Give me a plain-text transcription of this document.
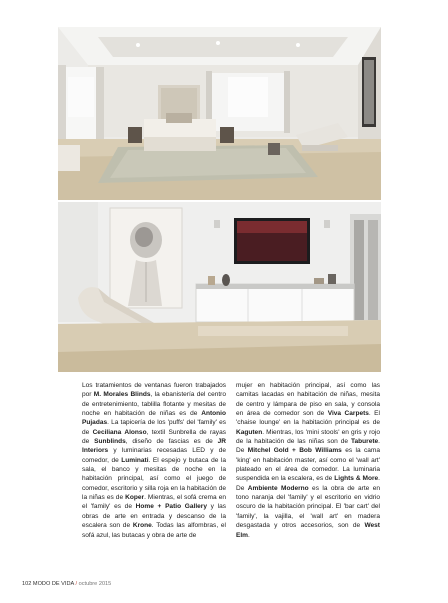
Los tratamientos de ventanas fueron trabajados por M. Morales Blinds, la ebanistería del centro de entretenimiento, tablilla flotante y mesitas de noche en habitación de niñas es de Antonio Pujadas. La tapicería de los 'puffs' del 'family' es de Ceciliana Alonso, textil Sunbrella de rayas de Sunblinds, diseño de fascias es de JR Interiors y luminarias recesadas LED y de comedor, de Luminati. El espejo y butaca de la sala, el banco y mesitas de noche en la habitación principal, así como el juego de comedor, escritorio y silla roja en la habitación de la niñas es de Koper. Mientras, el sofá crema en el 'family' es de Home + Patio Gallery y las obras de arte en entrada y descanso de la escalera son de Krone. Todas las alfombras, el sofá azul, las butacas y obra de arte de
mujer en habitación principal, así como las camitas lacadas en habitación de niñas, mesita de centro y lámpara de piso en sala, y consola en área de comedor son de Viva Carpets. El 'chaise lounge' en la habitación principal es de Kaguten. Mientras, los 'mini stools' en gris y rojo de la habitación de las niñas son de Taburete. De Mitchel Gold + Bob Williams es la cama 'king' en habitación master, así como el 'wall art' plateado en el área de comedor. La luminaria suspendida en la escalera, es de Lights & More. De Ambiente Moderno es la obra de arte en tono naranja del 'family' y el escritorio en vidrio oscuro de la habitación principal. El 'bar cart' del 'family', la vajilla, el 'wall art' en madera desgastada y otros accesorios, son de West Elm.
102 MODO DE VIDA / octubre 2015
